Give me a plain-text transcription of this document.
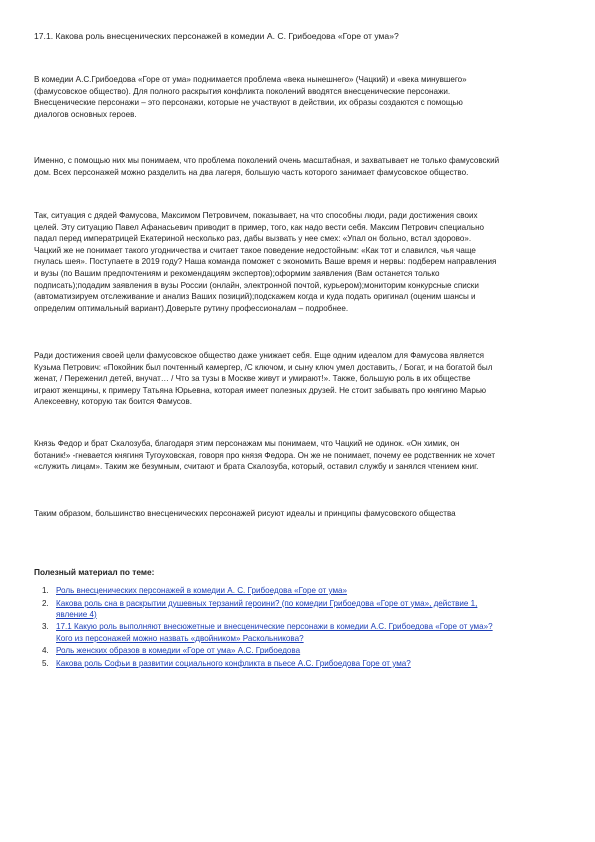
17.1. Какова роль внесценических персонажей в комедии А. С. Грибоедова «Горе от ума»?

В комедии А.С.Грибоедова «Горе от ума» поднимается проблема «века нынешнего» (Чацкий) и «века минувшего»
(фамусовское общество). Для полного раскрытия конфликта поколений вводятся внесценические персонажи.
Внесценические персонажи – это персонажи, которые не участвуют в действии, их образы создаются с помощью
диалогов основных героев.

Именно, с помощью них мы понимаем, что проблема поколений очень масштабная, и захватывает не только фамусовский
дом. Всех персонажей можно разделить на два лагеря, большую часть которого занимает фамусовское общество.

Так, ситуация с дядей Фамусова, Максимом Петровичем, показывает, на что способны люди, ради достижения своих
целей. Эту ситуацию Павел Афанасьевич приводит в пример, того, как надо вести себя. Максим Петрович специально
падал перед императрицей Екатериной несколько раз, дабы вызвать у нее смех: «Упал он больно, встал здорово».
Чацкий же не понимает такого угодничества и считает такое поведение недостойным: «Как тот и славился, чья чаще
гнулась шея». Поступаете в 2019 году? Наша команда поможет с экономить Ваше время и нервы: подберем направления
и вузы (по Вашим предпочтениям и рекомендациям экспертов);оформим заявления (Вам останется только
подписать);подадим заявления в вузы России (онлайн, электронной почтой, курьером);мониторим конкурсные списки
(автоматизируем отслеживание и анализ Ваших позиций);подскажем когда и куда подать оригинал (оценим шансы и
определим оптимальный вариант).Доверьте рутину профессионалам – подробнее.

Ради достижения своей цели фамусовское общество даже унижает себя. Еще одним идеалом для Фамусова является
Кузьма Петрович: «Покойник был почтенный камергер, /С ключом, и сыну ключ умел доставить, / Богат, и на богатой был
женат, / Переженил детей, внучат… / Что за тузы в Москве живут и умирают!». Также, большую роль в их обществе
играют женщины, к примеру Татьяна Юрьевна, которая имеет полезных друзей. Не стоит забывать про княгиню Марью
Алексеевну, которую так боится Фамусов.

Князь Федор и брат Скалозуба, благодаря этим персонажам мы понимаем, что Чацкий не одинок. «Он химик, он
ботаник!» -гневается княгиня Тугоуховская, говоря про князя Федора. Он же не понимает, почему ее родственник не хочет
«служить лицам». Таким же безумным, считают и брата Скалозуба, который, оставил службу и занялся чтением книг.

Таким образом, большинство внесценических персонажей рисуют идеалы и принципы фамусовского общества

Полезный материал по теме:
1. Роль внесценических персонажей в комедии А. С. Грибоедова «Горе от ума»
2. Какова роль сна в раскрытии душевных терзаний героини? (по комедии Грибоедова «Горе от ума», действие 1,
явление 4)
3. 17.1 Какую роль выполняют внесюжетные и внесценические персонажи в комедии А.С. Грибоедова «Горе от ума»?
Кого из персонажей можно назвать «двойником» Раскольникова?
4. Роль женских образов в комедии «Горе от ума» А.С. Грибоедова
5. Какова роль Софьи в развитии социального конфликта в пьесе А.С. Грибоедова Горе от ума?
